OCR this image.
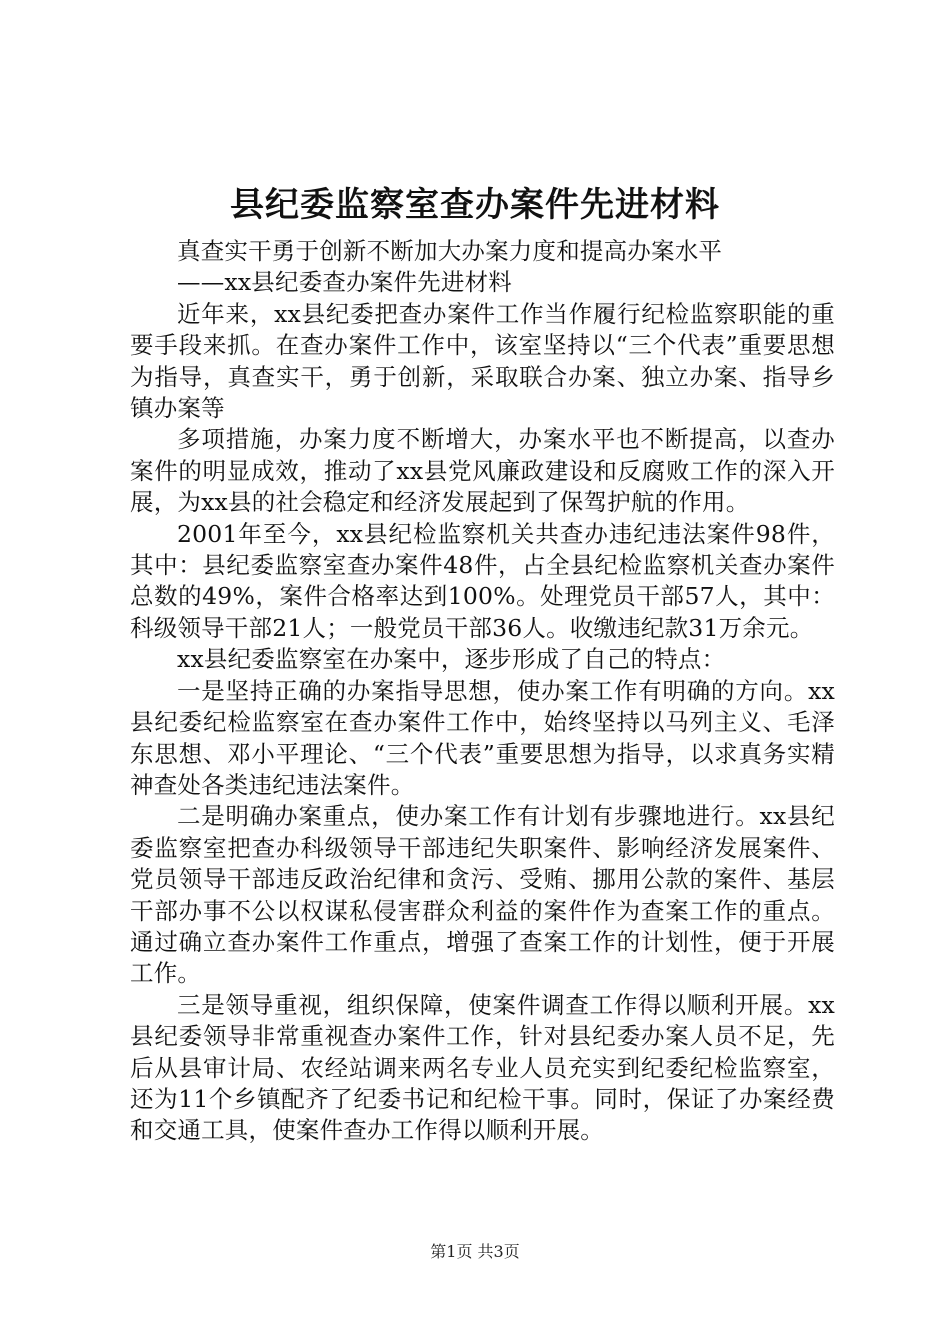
县纪委监察室查办案件先进材料

真查实干勇于创新不断加大办案力度和提高办案水平

——xx县纪委查办案件先进材料

近年来，xx县纪委把查办案件工作当作履行纪检监察职能的重要手段来抓。在查办案件工作中，该室坚持以“三个代表”重要思想为指导，真查实干，勇于创新，采取联合办案、独立办案、指导乡镇办案等

多项措施，办案力度不断增大，办案水平也不断提高，以查办案件的明显成效，推动了xx县党风廉政建设和反腐败工作的深入开展，为xx县的社会稳定和经济发展起到了保驾护航的作用。

2001年至今，xx县纪检监察机关共查办违纪违法案件98件，其中：县纪委监察室查办案件48件，占全县纪检监察机关查办案件总数的49%，案件合格率达到100%。处理党员干部57人，其中：科级领导干部21人；一般党员干部36人。收缴违纪款31万余元。

xx县纪委监察室在办案中，逐步形成了自己的特点：

一是坚持正确的办案指导思想，使办案工作有明确的方向。xx县纪委纪检监察室在查办案件工作中，始终坚持以马列主义、毛泽东思想、邓小平理论、“三个代表”重要思想为指导，以求真务实精神查处各类违纪违法案件。

二是明确办案重点，使办案工作有计划有步骤地进行。xx县纪委监察室把查办科级领导干部违纪失职案件、影响经济发展案件、党员领导干部违反政治纪律和贪污、受贿、挪用公款的案件、基层干部办事不公以权谋私侵害群众利益的案件作为查案工作的重点。通过确立查办案件工作重点，增强了查案工作的计划性，便于开展工作。

三是领导重视，组织保障，使案件调查工作得以顺利开展。xx县纪委领导非常重视查办案件工作，针对县纪委办案人员不足，先后从县审计局、农经站调来两名专业人员充实到纪委纪检监察室，还为11个乡镇配齐了纪委书记和纪检干事。同时，保证了办案经费和交通工具，使案件查办工作得以顺利开展。

第1页 共3页
